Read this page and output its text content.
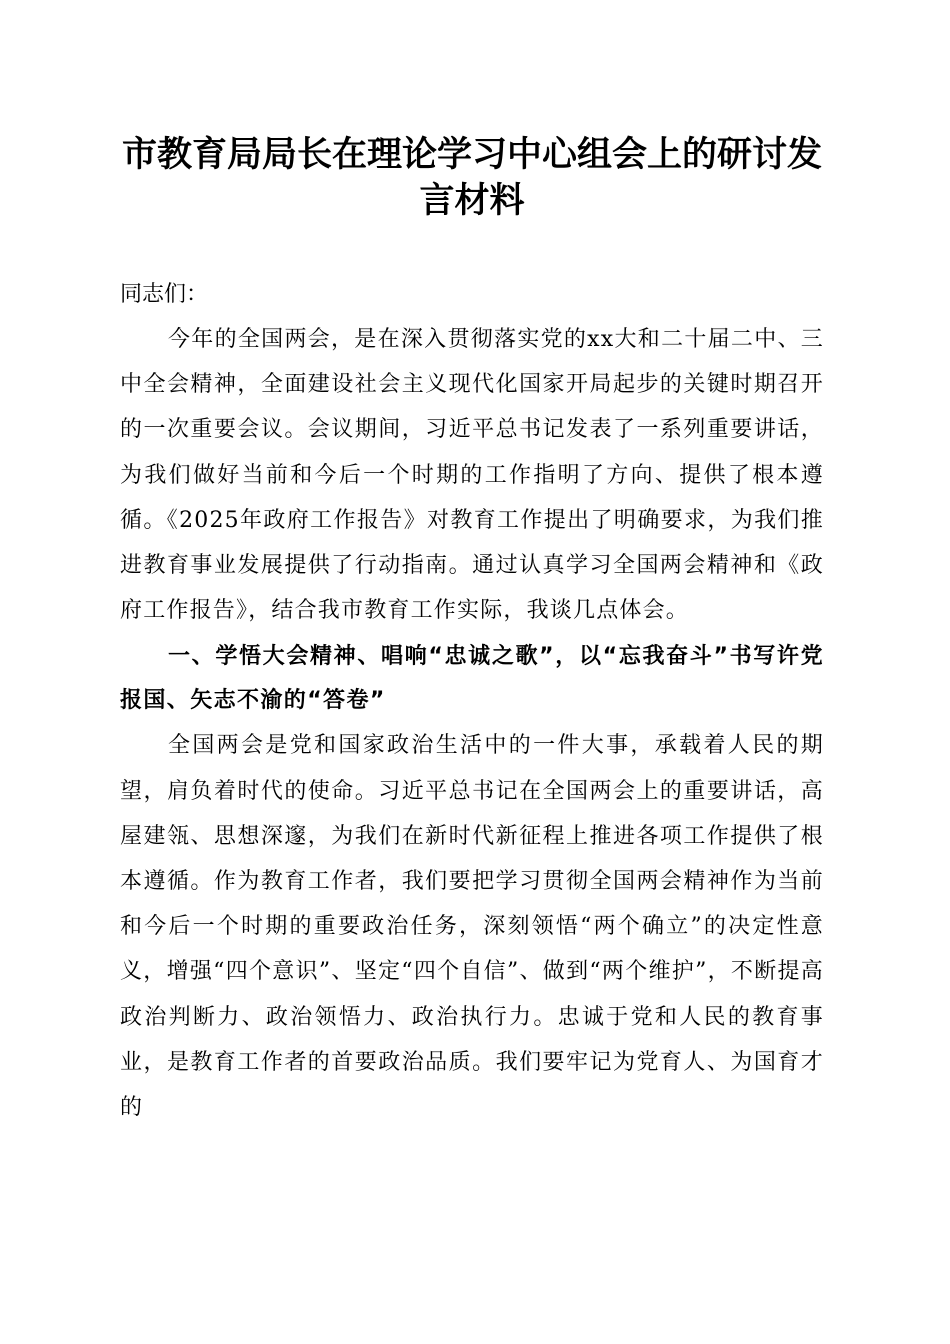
市教育局局长在理论学习中心组会上的研讨发言材料

同志们：

今年的全国两会，是在深入贯彻落实党的xx大和二十届二中、三中全会精神，全面建设社会主义现代化国家开局起步的关键时期召开的一次重要会议。会议期间，习近平总书记发表了一系列重要讲话，为我们做好当前和今后一个时期的工作指明了方向、提供了根本遵循。《2025年政府工作报告》对教育工作提出了明确要求，为我们推进教育事业发展提供了行动指南。通过认真学习全国两会精神和《政府工作报告》，结合我市教育工作实际，我谈几点体会。

一、学悟大会精神、唱响“忠诚之歌”，以“忘我奋斗”书写许党报国、矢志不渝的“答卷”

全国两会是党和国家政治生活中的一件大事，承载着人民的期望，肩负着时代的使命。习近平总书记在全国两会上的重要讲话，高屋建瓴、思想深邃，为我们在新时代新征程上推进各项工作提供了根本遵循。作为教育工作者，我们要把学习贯彻全国两会精神作为当前和今后一个时期的重要政治任务，深刻领悟“两个确立”的决定性意义，增强“四个意识”、坚定“四个自信”、做到“两个维护”，不断提高政治判断力、政治领悟力、政治执行力。忠诚于党和人民的教育事业，是教育工作者的首要政治品质。我们要牢记为党育人、为国育才的
